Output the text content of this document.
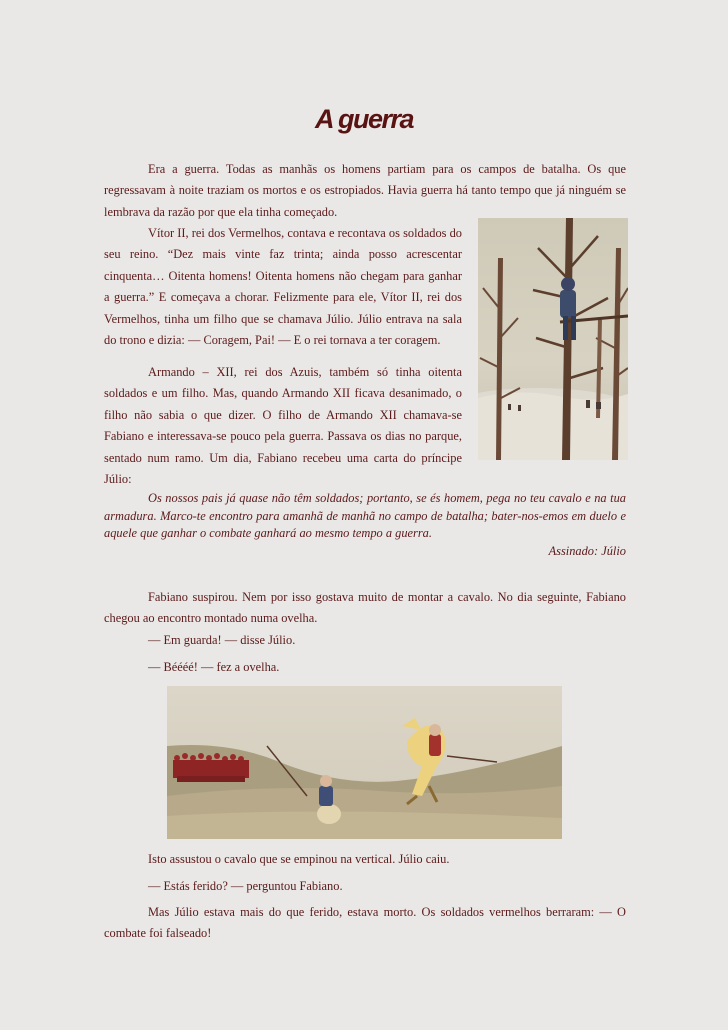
A guerra

Era a guerra. Todas as manhãs os homens partiam para os campos de batalha. Os que regressavam à noite traziam os mortos e os estropiados. Havia guerra há tanto tempo que já ninguém se lembrava da razão por que ela tinha começado.

Vítor II, rei dos Vermelhos, contava e recontava os soldados do seu reino. “Dez mais vinte faz trinta; ainda posso acrescentar cinquenta… Oitenta homens! Oitenta homens não chegam para ganhar a guerra.” E começava a chorar. Felizmente para ele, Vítor II, rei dos Vermelhos, tinha um filho que se chamava Júlio. Júlio entrava na sala do trono e dizia: — Coragem, Pai! — E o rei tornava a ter coragem.

Armando – XII, rei dos Azuis, também só tinha oitenta soldados e um filho. Mas, quando Armando XII ficava desanimado, o filho não sabia o que dizer. O filho de Armando XII chamava-se Fabiano e interessava-se pouco pela guerra. Passava os dias no parque, sentado num ramo. Um dia, Fabiano recebeu uma carta do príncipe Júlio:

Os nossos pais já quase não têm soldados; portanto, se és homem, pega no teu cavalo e na tua armadura. Marco-te encontro para amanhã de manhã no campo de batalha; bater-nos-emos em duelo e aquele que ganhar o combate ganhará ao mesmo tempo a guerra.

Assinado: Júlio

Fabiano suspirou. Nem por isso gostava muito de montar a cavalo. No dia seguinte, Fabiano chegou ao encontro montado numa ovelha.

— Em guarda! — disse Júlio.
— Béééé! — fez a ovelha.

Isto assustou o cavalo que se empinou na vertical. Júlio caiu.

— Estás ferido? — perguntou Fabiano.

Mas Júlio estava mais do que ferido, estava morto. Os soldados vermelhos berraram: — O combate foi falseado!
